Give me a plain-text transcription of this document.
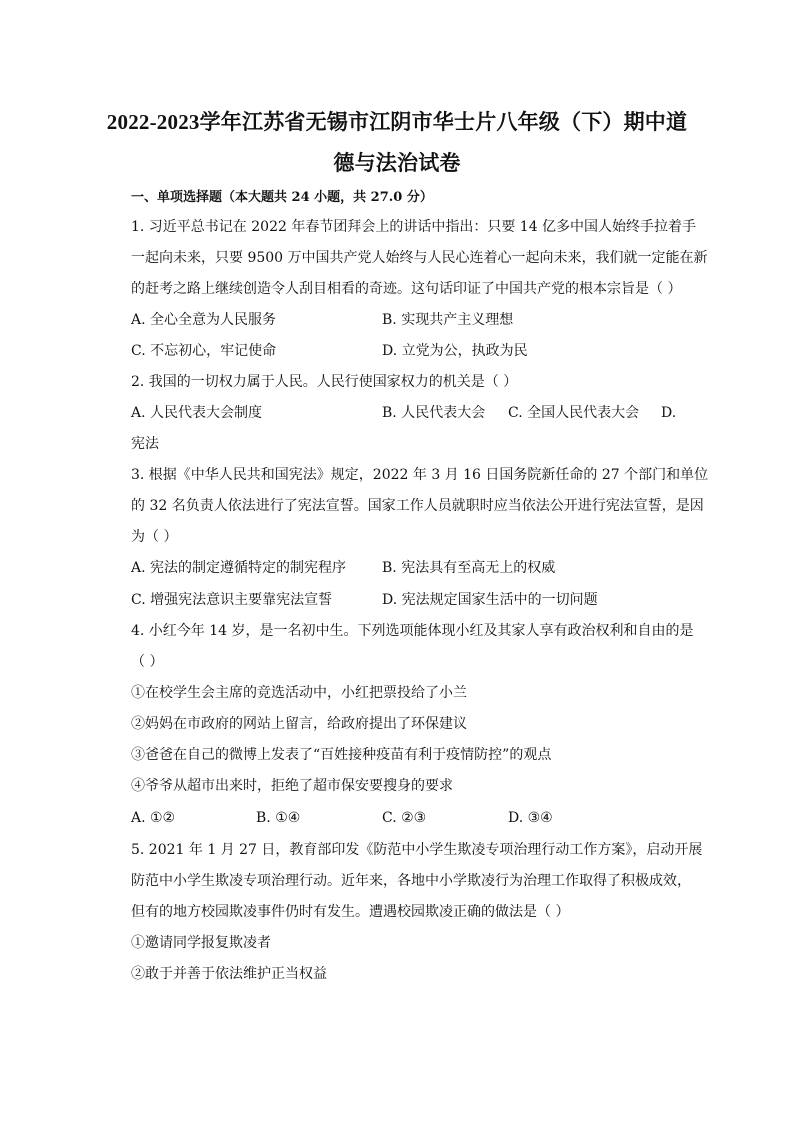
2022-2023学年江苏省无锡市江阴市华士片八年级（下）期中道
德与法治试卷
一、单项选择题（本大题共 24 小题，共 27.0 分）
1. 习近平总书记在 2022 年春节团拜会上的讲话中指出：只要 14 亿多中国人始终手拉着手
一起向未来，只要 9500 万中国共产党人始终与人民心连着心一起向未来，我们就一定能在新
的赶考之路上继续创造令人刮目相看的奇迹。这句话印证了中国共产党的根本宗旨是（ ）
A. 全心全意为人民服务	B. 实现共产主义理想
C. 不忘初心，牢记使命	D. 立党为公，执政为民
2. 我国的一切权力属于人民。人民行使国家权力的机关是（ ）
A. 人民代表大会制度	B. 人民代表大会 C. 全国人民代表大会 D.
宪法
3. 根据《中华人民共和国宪法》规定，2022 年 3 月 16 日国务院新任命的 27 个部门和单位
的 32 名负责人依法进行了宪法宣誓。国家工作人员就职时应当依法公开进行宪法宣誓，是因
为（ ）
A. 宪法的制定遵循特定的制宪程序	B. 宪法具有至高无上的权威
C. 增强宪法意识主要靠宪法宣誓	D. 宪法规定国家生活中的一切问题
4. 小红今年 14 岁，是一名初中生。下列选项能体现小红及其家人享有政治权利和自由的是
（ ）
①在校学生会主席的竞选活动中，小红把票投给了小兰
②妈妈在市政府的网站上留言，给政府提出了环保建议
③爸爸在自己的微博上发表了“百姓接种疫苗有利于疫情防控”的观点
④爷爷从超市出来时，拒绝了超市保安要搜身的要求
A. ①②	B. ①④	C. ②③	D. ③④
5. 2021 年 1 月 27 日，教育部印发《防范中小学生欺凌专项治理行动工作方案》，启动开展
防范中小学生欺凌专项治理行动。近年来，各地中小学欺凌行为治理工作取得了积极成效，
但有的地方校园欺凌事件仍时有发生。遭遇校园欺凌正确的做法是（ ）
①邀请同学报复欺凌者
②敢于并善于依法维护正当权益
